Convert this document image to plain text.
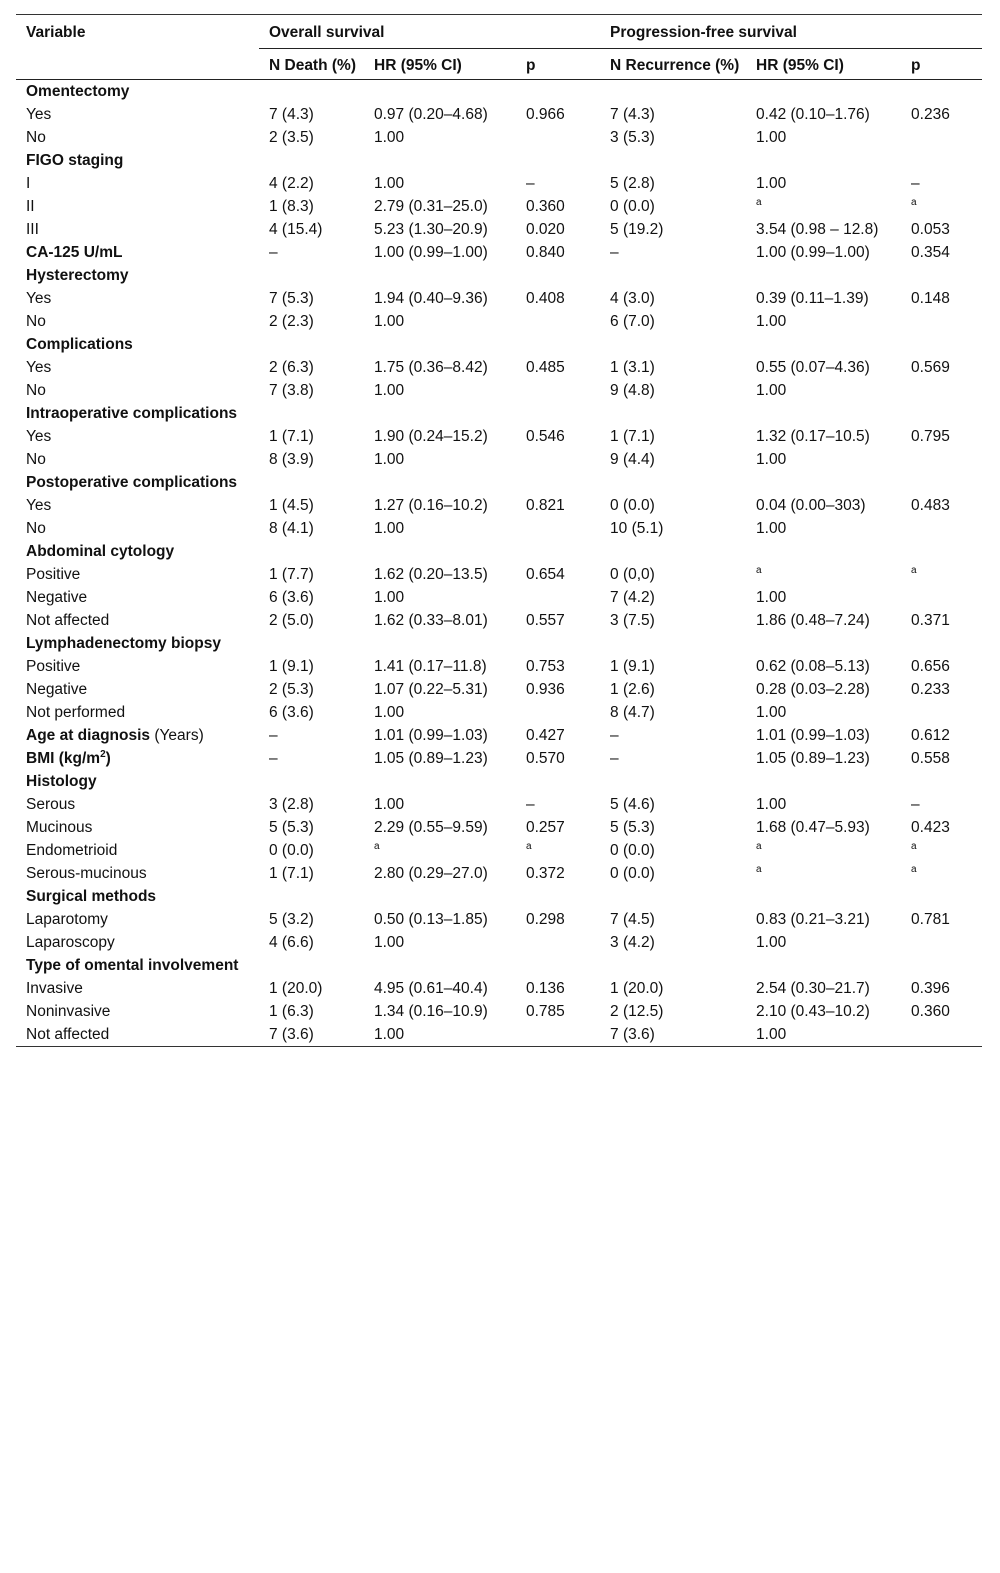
Variable	Overall survival			Progression-free survival		
	N Death (%)	HR (95% CI)	p	N Recurrence (%)	HR (95% CI)	p
Omentectomy						
Yes	7 (4.3)	0.97 (0.20–4.68)	0.966	7 (4.3)	0.42 (0.10–1.76)	0.236
No	2 (3.5)	1.00		3 (5.3)	1.00	
FIGO staging						
I	4 (2.2)	1.00	–	5 (2.8)	1.00	–
II	1 (8.3)	2.79 (0.31–25.0)	0.360	0 (0.0)	$^a$	$^a$
III	4 (15.4)	5.23 (1.30–20.9)	0.020	5 (19.2)	3.54 (0.98 – 12.8)	0.053
CA-125 U/mL	–	1.00 (0.99–1.00)	0.840	–	1.00 (0.99–1.00)	0.354
Hysterectomy						
Yes	7 (5.3)	1.94 (0.40–9.36)	0.408	4 (3.0)	0.39 (0.11–1.39)	0.148
No	2 (2.3)	1.00		6 (7.0)	1.00	
Complications						
Yes	2 (6.3)	1.75 (0.36–8.42)	0.485	1 (3.1)	0.55 (0.07–4.36)	0.569
No	7 (3.8)	1.00		9 (4.8)	1.00	
Intraoperative complications						
Yes	1 (7.1)	1.90 (0.24–15.2)	0.546	1 (7.1)	1.32 (0.17–10.5)	0.795
No	8 (3.9)	1.00		9 (4.4)	1.00	
Postoperative complications						
Yes	1 (4.5)	1.27 (0.16–10.2)	0.821	0 (0.0)	0.04 (0.00–303)	0.483
No	8 (4.1)	1.00		10 (5.1)	1.00	
Abdominal cytology						
Positive	1 (7.7)	1.62 (0.20–13.5)	0.654	0 (0,0)	$^a$	$^a$
Negative	6 (3.6)	1.00		7 (4.2)	1.00	
Not affected	2 (5.0)	1.62 (0.33–8.01)	0.557	3 (7.5)	1.86 (0.48–7.24)	0.371
Lymphadenectomy biopsy						
Positive	1 (9.1)	1.41 (0.17–11.8)	0.753	1 (9.1)	0.62 (0.08–5.13)	0.656
Negative	2 (5.3)	1.07 (0.22–5.31)	0.936	1 (2.6)	0.28 (0.03–2.28)	0.233
Not performed	6 (3.6)	1.00		8 (4.7)	1.00	
Age at diagnosis (Years)	–	1.01 (0.99–1.03)	0.427	–	1.01 (0.99–1.03)	0.612
BMI $(kg/m^2)$	–	1.05 (0.89–1.23)	0.570	–	1.05 (0.89–1.23)	0.558
Histology						
Serous	3 (2.8)	1.00	–	5 (4.6)	1.00	–
Mucinous	5 (5.3)	2.29 (0.55–9.59)	0.257	5 (5.3)	1.68 (0.47–5.93)	0.423
Endometrioid	0 (0.0)	$^a$	$^a$	0 (0.0)	$^a$	$^a$
Serous-mucinous	1 (7.1)	2.80 (0.29–27.0)	0.372	0 (0.0)	$^a$	$^a$
Surgical methods						
Laparotomy	5 (3.2)	0.50 (0.13–1.85)	0.298	7 (4.5)	0.83 (0.21–3.21)	0.781
Laparoscopy	4 (6.6)	1.00		3 (4.2)	1.00	
Type of omental involvement						
Invasive	1 (20.0)	4.95 (0.61–40.4)	0.136	1 (20.0)	2.54 (0.30–21.7)	0.396
Noninvasive	1 (6.3)	1.34 (0.16–10.9)	0.785	2 (12.5)	2.10 (0.43–10.2)	0.360
Not affected	7 (3.6)	1.00		7 (3.6)	1.00	
